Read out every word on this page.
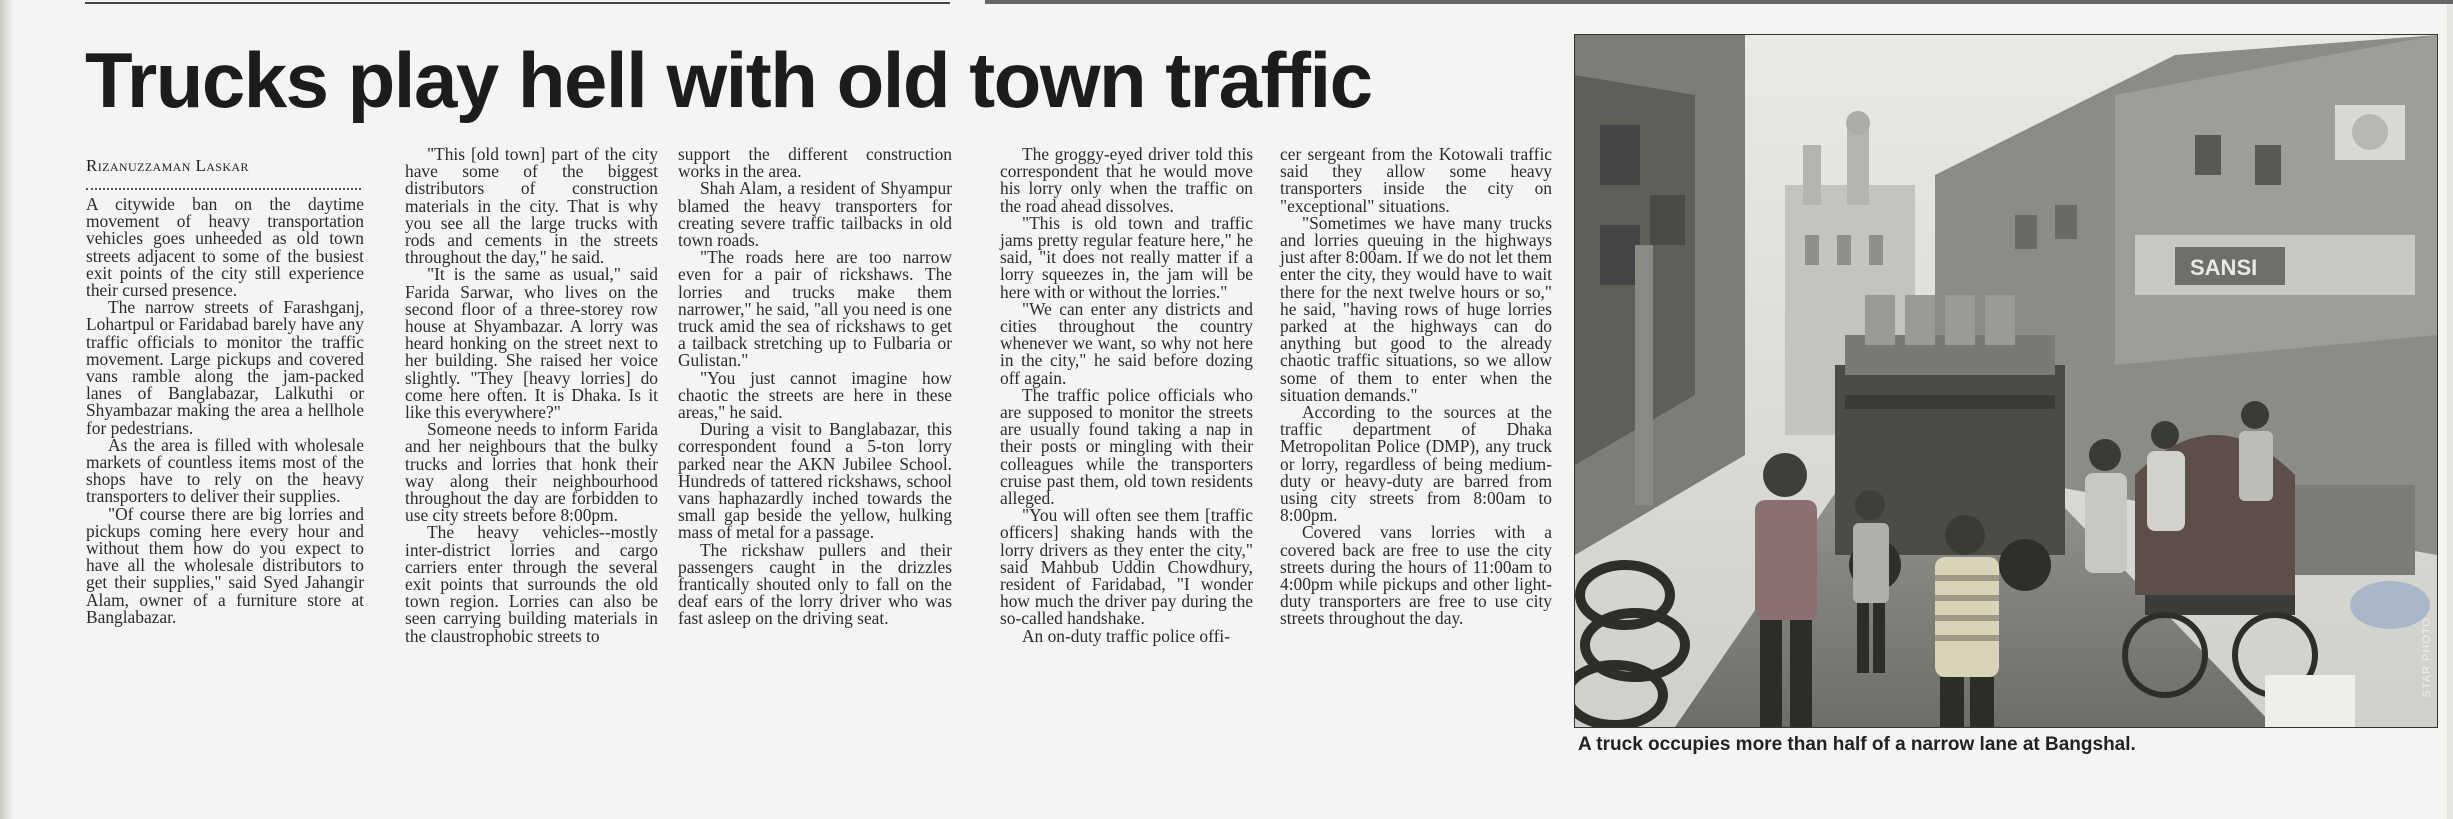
Trucks play hell with old town traffic
Rizanuzzaman Laskar

A citywide ban on the daytime movement of heavy transportation vehicles goes unheeded as old town streets adjacent to some of the busiest exit points of the city still experience their cursed presence.

The narrow streets of Farashganj, Lohartpul or Faridabad barely have any traffic officials to monitor the traffic movement. Large pickups and covered vans ramble along the jam-packed lanes of Banglabazar, Lalkuthi or Shyambazar making the area a hellhole for pedestrians.

As the area is filled with wholesale markets of countless items most of the shops have to rely on the heavy transporters to deliver their supplies.

"Of course there are big lorries and pickups coming here every hour and without them how do you expect to have all the wholesale distributors to get their supplies," said Syed Jahangir Alam, owner of a furniture store at Banglabazar.

"This [old town] part of the city have some of the biggest distributors of construction materials in the city. That is why you see all the large trucks with rods and cements in the streets throughout the day," he said.

"It is the same as usual," said Farida Sarwar, who lives on the second floor of a three-storey row house at Shyambazar. A lorry was heard honking on the street next to her building. She raised her voice slightly. "They [heavy lorries] do come here often. It is Dhaka. Is it like this everywhere?"

Someone needs to inform Farida and her neighbours that the bulky trucks and lorries that honk their way along their neighbourhood throughout the day are forbidden to use city streets before 8:00pm.

The heavy vehicles--mostly inter-district lorries and cargo carriers enter through the several exit points that surrounds the old town region. Lorries can also be seen carrying building materials in the claustrophobic streets to

support the different construction works in the area.

Shah Alam, a resident of Shyampur blamed the heavy transporters for creating severe traffic tailbacks in old town roads.

"The roads here are too narrow even for a pair of rickshaws. The lorries and trucks make them narrower," he said, "all you need is one truck amid the sea of rickshaws to get a tailback stretching up to Fulbaria or Gulistan."

"You just cannot imagine how chaotic the streets are here in these areas," he said.

During a visit to Banglabazar, this correspondent found a 5-ton lorry parked near the AKN Jubilee School. Hundreds of tattered rickshaws, school vans haphazardly inched towards the small gap beside the yellow, hulking mass of metal for a passage.

The rickshaw pullers and their passengers caught in the drizzles frantically shouted only to fall on the deaf ears of the lorry driver who was fast asleep on the driving seat.

The groggy-eyed driver told this correspondent that he would move his lorry only when the traffic on the road ahead dissolves.

"This is old town and traffic jams pretty regular feature here," he said, "it does not really matter if a lorry squeezes in, the jam will be here with or without the lorries."

"We can enter any districts and cities throughout the country whenever we want, so why not here in the city," he said before dozing off again.

The traffic police officials who are supposed to monitor the streets are usually found taking a nap in their posts or mingling with their colleagues while the transporters cruise past them, old town residents alleged.

"You will often see them [traffic officers] shaking hands with the lorry drivers as they enter the city," said Mahbub Uddin Chowdhury, resident of Faridabad, "I wonder how much the driver pay during the so-called handshake.

An on-duty traffic police offi-

cer sergeant from the Kotowali traffic said they allow some heavy transporters inside the city on "exceptional" situations.

"Sometimes we have many trucks and lorries queuing in the highways just after 8:00am. If we do not let them enter the city, they would have to wait there for the next twelve hours or so," he said, "having rows of huge lorries parked at the highways can do anything but good to the already chaotic traffic situations, so we allow some of them to enter when the situation demands."

According to the sources at the traffic department of Dhaka Metropolitan Police (DMP), any truck or lorry, regardless of being medium-duty or heavy-duty are barred from using city streets from 8:00am to 8:00pm.

Covered vans lorries with a covered back are free to use the city streets during the hours of 11:00am to 4:00pm while pickups and other light-duty transporters are free to use city streets throughout the day.

SANSI
STAR PHOTO
A truck occupies more than half of a narrow lane at Bangshal.
